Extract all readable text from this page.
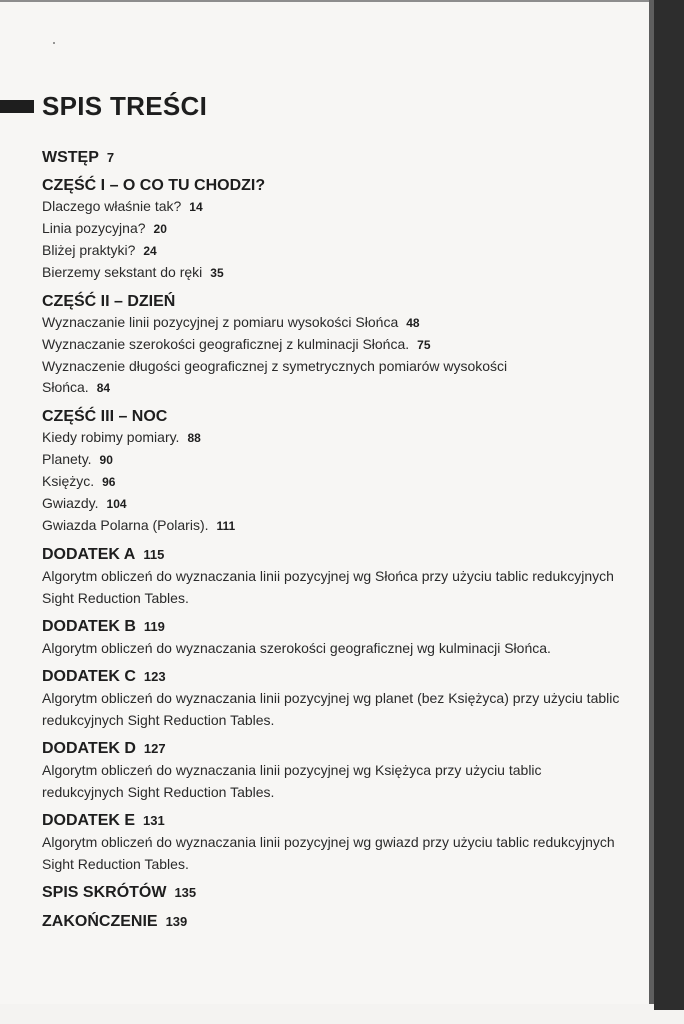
SPIS TREŚCI
WSTĘP 7
CZĘŚĆ I – O CO TU CHODZI?
Dlaczego właśnie tak? 14
Linia pozycyjna? 20
Bliżej praktyki? 24
Bierzemy sekstant do ręki 35
CZĘŚĆ II – DZIEŃ
Wyznaczanie linii pozycyjnej z pomiaru wysokości Słońca 48
Wyznaczanie szerokości geograficznej z kulminacji Słońca. 75
Wyznaczenie długości geograficznej z symetrycznych pomiarów wysokości Słońca. 84
CZĘŚĆ III – NOC
Kiedy robimy pomiary. 88
Planety. 90
Księżyc. 96
Gwiazdy. 104
Gwiazda Polarna (Polaris). 111
DODATEK A 115
Algorytm obliczeń do wyznaczania linii pozycyjnej wg Słońca przy użyciu tablic redukcyjnych Sight Reduction Tables.
DODATEK B 119
Algorytm obliczeń do wyznaczania szerokości geograficznej wg kulminacji Słońca.
DODATEK C 123
Algorytm obliczeń do wyznaczania linii pozycyjnej wg planet (bez Księżyca) przy użyciu tablic redukcyjnych Sight Reduction Tables.
DODATEK D 127
Algorytm obliczeń do wyznaczania linii pozycyjnej wg Księżyca przy użyciu tablic redukcyjnych Sight Reduction Tables.
DODATEK E 131
Algorytm obliczeń do wyznaczania linii pozycyjnej wg gwiazd przy użyciu tablic redukcyjnych Sight Reduction Tables.
SPIS SKRÓTÓW 135
ZAKOŃCZENIE 139
